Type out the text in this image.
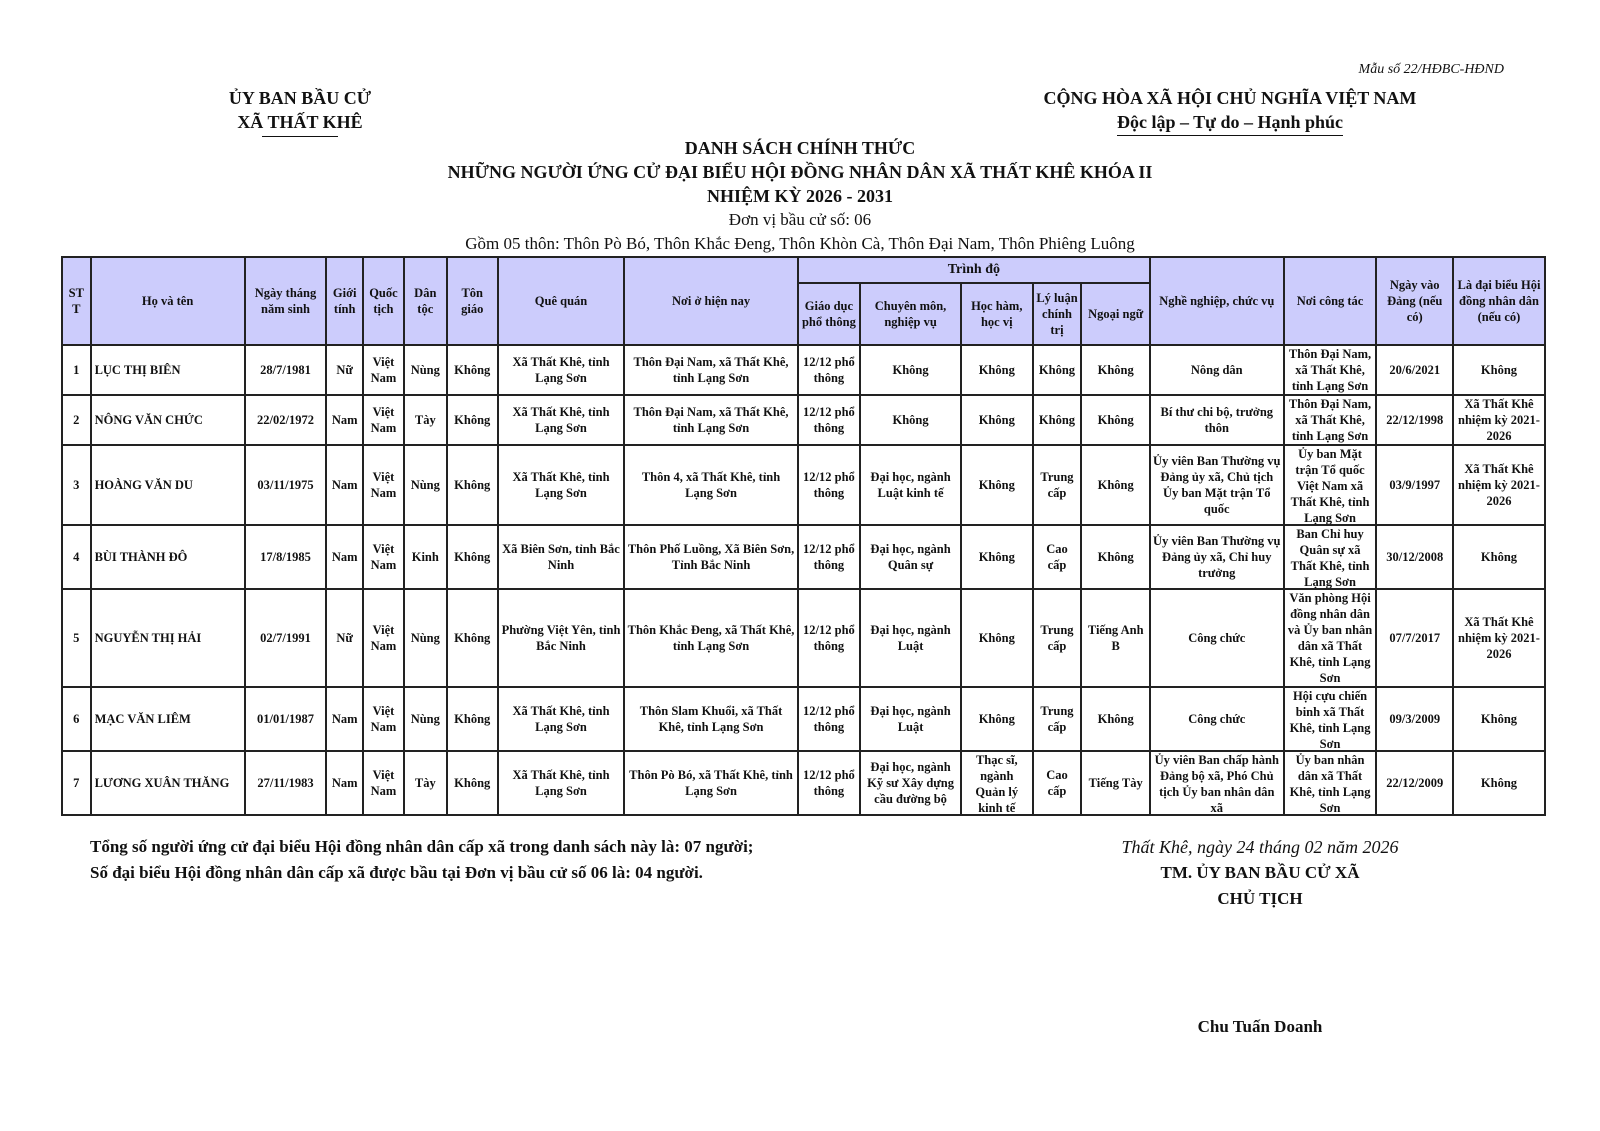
Mẫu số 22/HĐBC-HĐND
ỦY BAN BẦU CỬ
XÃ THẤT KHÊ
CỘNG HÒA XÃ HỘI CHỦ NGHĨA VIỆT NAM
Độc lập – Tự do – Hạnh phúc
DANH SÁCH CHÍNH THỨC
NHỮNG NGƯỜI ỨNG CỬ ĐẠI BIỂU HỘI ĐỒNG NHÂN DÂN XÃ THẤT KHÊ KHÓA II
NHIỆM KỲ 2026 - 2031
Đơn vị bầu cử số: 06
Gồm 05 thôn: Thôn Pò Bó, Thôn Khắc Đeng, Thôn Khòn Cà, Thôn Đại Nam, Thôn Phiêng Luông
ST T	Họ và tên	Ngày tháng năm sinh	Giới tính	Quốc tịch	Dân tộc	Tôn giáo	Quê quán	Nơi ở hiện nay	Trình độ					Nghề nghiệp, chức vụ	Nơi công tác	Ngày vào Đảng (nếu có)	Là đại biểu Hội đồng nhân dân (nếu có)
									Giáo dục phổ thông	Chuyên môn, nghiệp vụ	Học hàm, học vị	Lý luận chính trị	Ngoại ngữ				

1	LỤC THỊ BIÊN	28/7/1981	Nữ	Việt Nam	Nùng	Không	Xã Thất Khê, tỉnh Lạng Sơn	Thôn Đại Nam, xã Thất Khê, tỉnh Lạng Sơn	12/12 phổ thông	Không	Không	Không	Không	Nông dân	Thôn Đại Nam, xã Thất Khê, tỉnh Lạng Sơn	20/6/2021	Không

2	NÔNG VĂN CHỨC	22/02/1972	Nam	Việt Nam	Tày	Không	Xã Thất Khê, tỉnh Lạng Sơn	Thôn Đại Nam, xã Thất Khê, tỉnh Lạng Sơn	12/12 phổ thông	Không	Không	Không	Không	Bí thư chi bộ, trưởng thôn	Thôn Đại Nam, xã Thất Khê, tỉnh Lạng Sơn	22/12/1998	Xã Thất Khê nhiệm kỳ 2021-2026

3	HOÀNG VĂN DU	03/11/1975	Nam	Việt Nam	Nùng	Không	Xã Thất Khê, tỉnh Lạng Sơn	Thôn 4, xã Thất Khê, tỉnh Lạng Sơn	12/12 phổ thông	Đại học, ngành Luật kinh tế	Không	Trung cấp	Không	Ủy viên Ban Thường vụ Đảng ủy xã, Chủ tịch Ủy ban Mặt trận Tổ quốc	Ủy ban Mặt trận Tổ quốc Việt Nam xã Thất Khê, tỉnh Lạng Sơn	03/9/1997	Xã Thất Khê nhiệm kỳ 2021-2026

4	BÙI THÀNH ĐÔ	17/8/1985	Nam	Việt Nam	Kinh	Không	Xã Biên Sơn, tỉnh Bắc Ninh	Thôn Phố Luồng, Xã Biên Sơn, Tỉnh Bắc Ninh	12/12 phổ thông	Đại học, ngành Quân sự	Không	Cao cấp	Không	Ủy viên Ban Thường vụ Đảng ủy xã, Chỉ huy trưởng	Ban Chỉ huy Quân sự xã Thất Khê, tỉnh Lạng Sơn	30/12/2008	Không

5	NGUYỄN THỊ HẢI	02/7/1991	Nữ	Việt Nam	Nùng	Không	Phường Việt Yên, tỉnh Bắc Ninh	Thôn Khắc Đeng, xã Thất Khê, tỉnh Lạng Sơn	12/12 phổ thông	Đại học, ngành Luật	Không	Trung cấp	Tiếng Anh B	Công chức	Văn phòng Hội đồng nhân dân và Ủy ban nhân dân xã Thất Khê, tỉnh Lạng Sơn	07/7/2017	Xã Thất Khê nhiệm kỳ 2021-2026

6	MẠC VĂN LIÊM	01/01/1987	Nam	Việt Nam	Nùng	Không	Xã Thất Khê, tỉnh Lạng Sơn	Thôn Slam Khuổi, xã Thất Khê, tỉnh Lạng Sơn	12/12 phổ thông	Đại học, ngành Luật	Không	Trung cấp	Không	Công chức	Hội cựu chiến binh xã Thất Khê, tỉnh Lạng Sơn	09/3/2009	Không

7	LƯƠNG XUÂN THĂNG	27/11/1983	Nam	Việt Nam	Tày	Không	Xã Thất Khê, tỉnh Lạng Sơn	Thôn Pò Bó, xã Thất Khê, tỉnh Lạng Sơn	12/12 phổ thông	Đại học, ngành Kỹ sư Xây dựng cầu đường bộ	Thạc sĩ, ngành Quản lý kinh tế	Cao cấp	Tiếng Tày	Ủy viên Ban chấp hành Đảng bộ xã, Phó Chủ tịch Ủy ban nhân dân xã	Ủy ban nhân dân xã Thất Khê, tỉnh Lạng Sơn	22/12/2009	Không
Tổng số người ứng cử đại biểu Hội đồng nhân dân cấp xã trong danh sách này là: 07 người;
Số đại biểu Hội đồng nhân dân cấp xã được bầu tại Đơn vị bầu cử số 06 là: 04 người.
Thất Khê, ngày 24 tháng 02 năm 2026
TM. ỦY BAN BẦU CỬ XÃ
CHỦ TỊCH
Chu Tuấn Doanh
